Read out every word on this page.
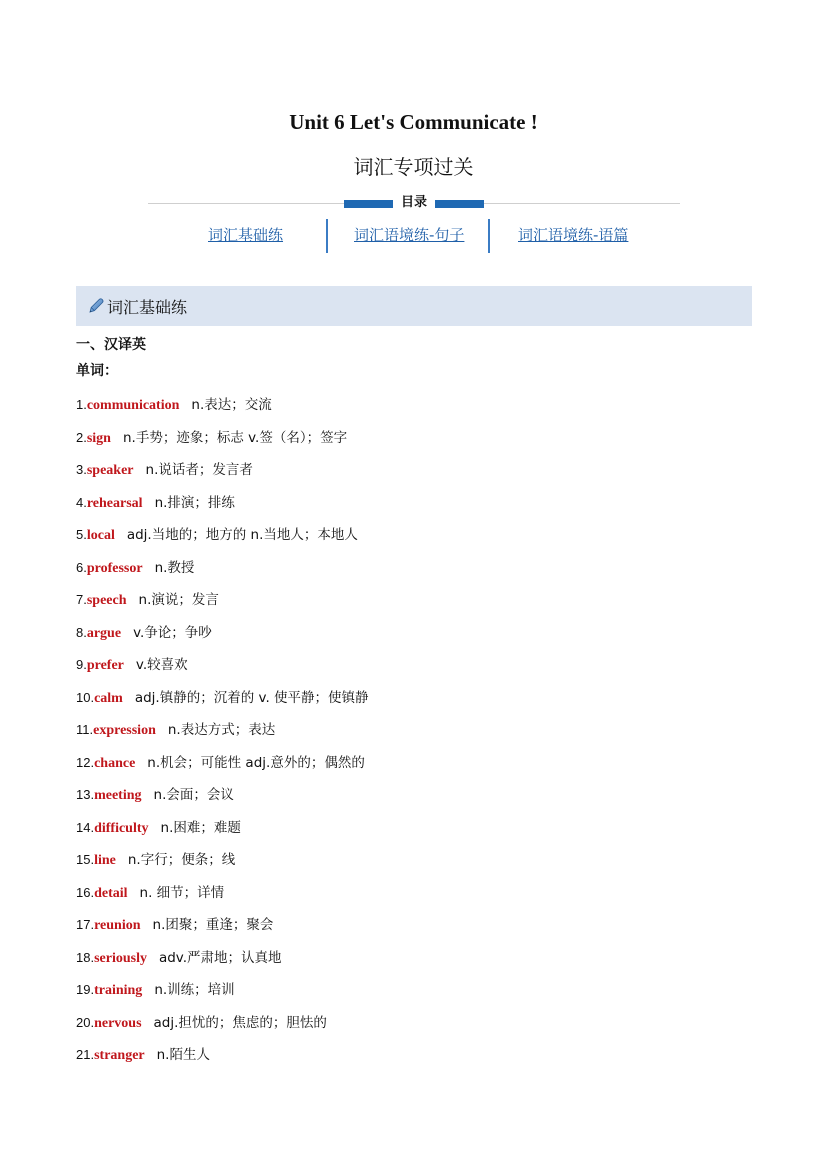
Unit 6 Let's Communicate !
词汇专项过关
目录
词汇基础练	词汇语境练-句子	词汇语境练-语篇
词汇基础练
一、汉译英
单词：
1.communication n.表达；交流
2.sign n.手势；迹象；标志 v.签（名）；签字
3.speaker n.说话者；发言者
4.rehearsal n.排演；排练
5.local adj.当地的；地方的 n.当地人；本地人
6.professor n.教授
7.speech n.演说；发言
8.argue v.争论；争吵
9.prefer v.较喜欢
10.calm adj.镇静的；沉着的 v. 使平静；使镇静
11.expression n.表达方式；表达
12.chance n.机会；可能性 adj.意外的；偶然的
13.meeting n.会面；会议
14.difficulty n.困难；难题
15.line n.字行；便条；线
16.detail n. 细节；详情
17.reunion n.团聚；重逢；聚会
18.seriously adv.严肃地；认真地
19.training n.训练；培训
20.nervous adj.担忧的；焦虑的；胆怯的
21.stranger n.陌生人
